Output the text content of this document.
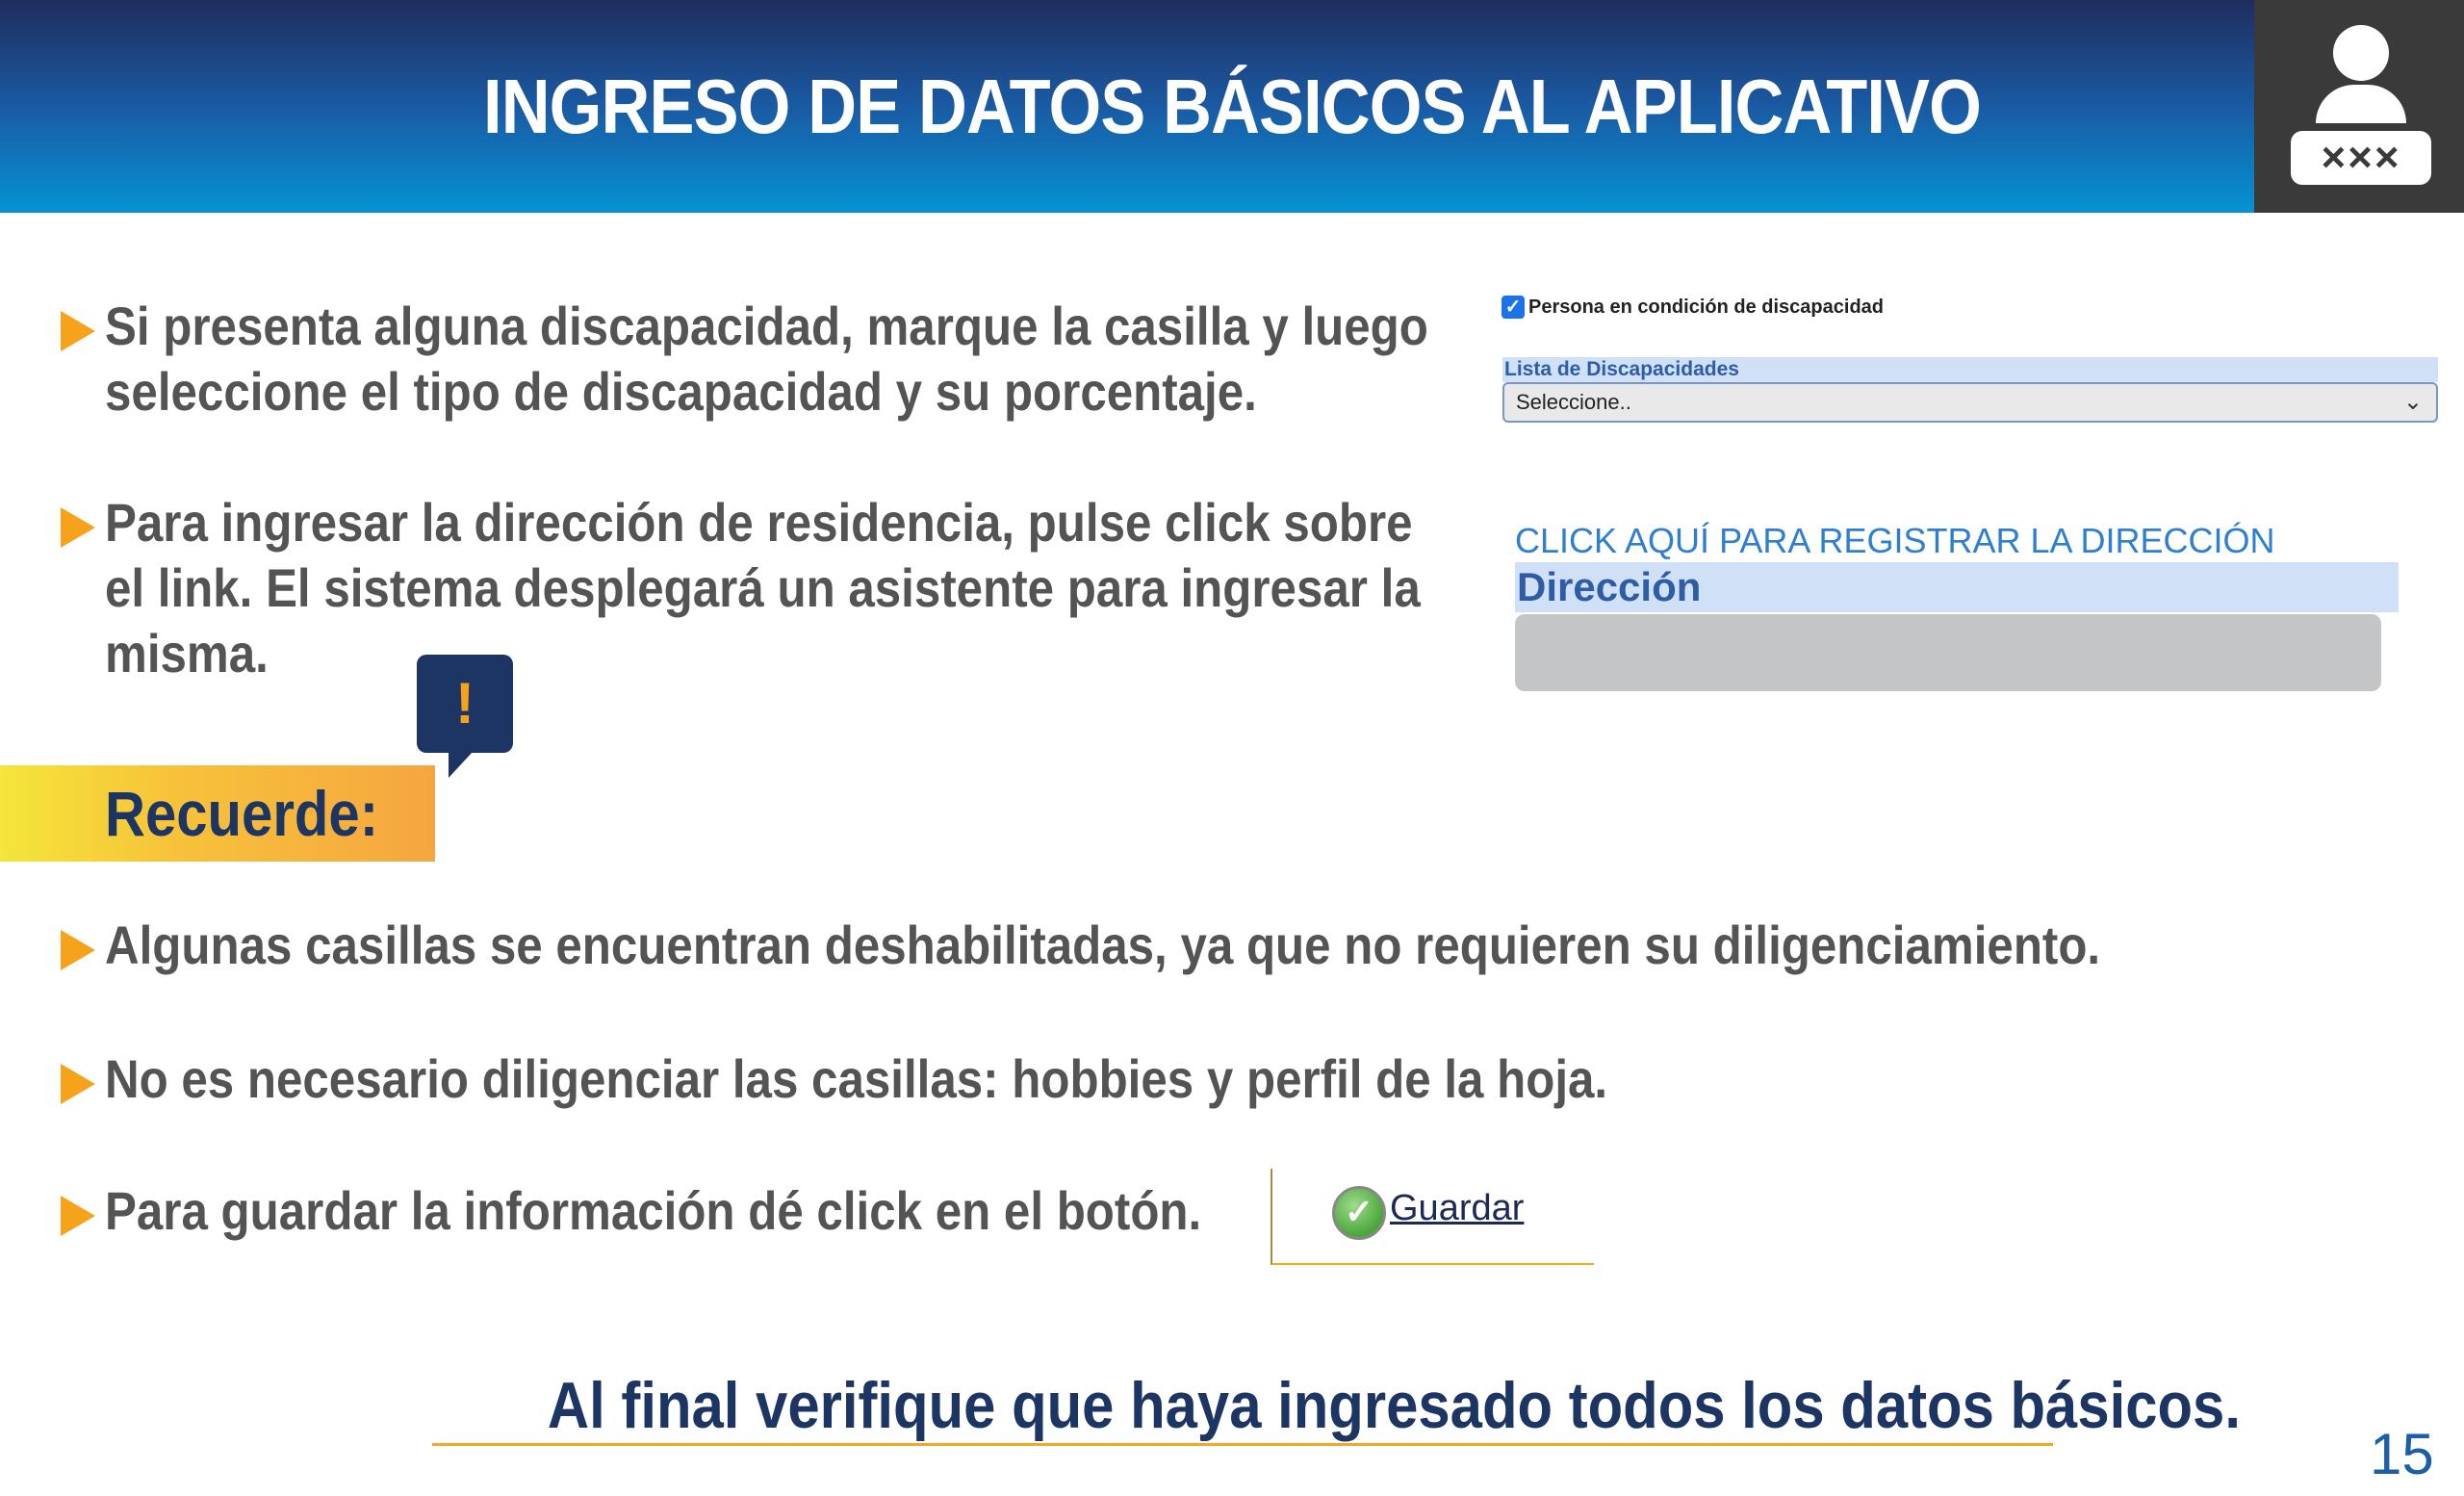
INGRESO DE DATOS BÁSICOS AL APLICATIVO
×××
Si presenta alguna discapacidad, marque la casilla y luego
seleccione el tipo de discapacidad y su porcentaje.
Para ingresar la dirección de residencia, pulse click sobre
el link. El sistema desplegará un asistente para ingresar la
misma.
✓ Persona en condición de discapacidad
Lista de Discapacidades
Seleccione..	⌄
CLICK AQUÍ PARA REGISTRAR LA DIRECCIÓN
Dirección
!
Recuerde:
Algunas casillas se encuentran deshabilitadas, ya que no requieren su diligenciamiento.
No es necesario diligenciar las casillas: hobbies y perfil de la hoja.
Para guardar la información dé click en el botón.	✓ Guardar
Al final verifique que haya ingresado todos los datos básicos.
15
